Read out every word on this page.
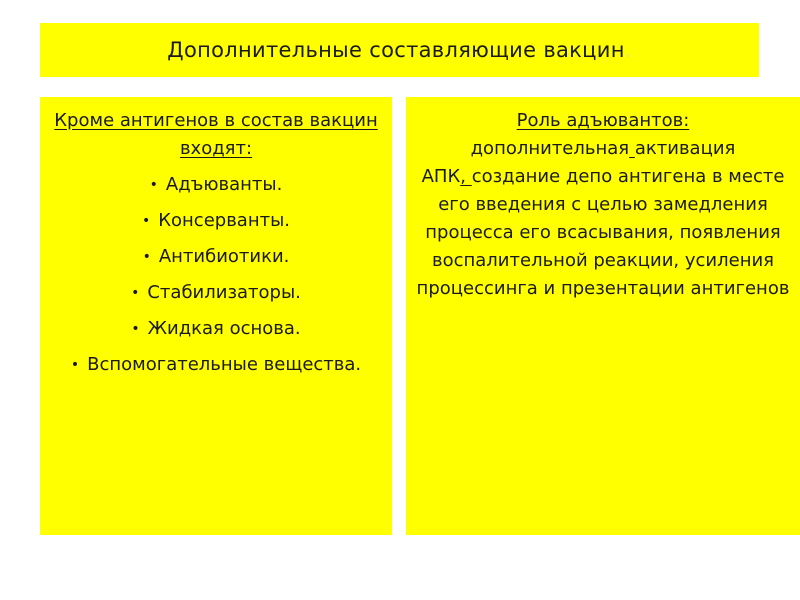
Дополнительные составляющие вакцин.

Кроме антигенов в состав вакцин входят:

• Адъюванты.
• Консерванты.
• Антибиотики.
• Стабилизаторы.
• Жидкая основа.
• Вспомогательные вещества.

Роль адъювантов:
дополнительная активация
АПК, создание депо антигена в месте его введения с целью замедления процесса его всасывания, появления воспалительной реакции, усиления процессинга и презентации антигенов
